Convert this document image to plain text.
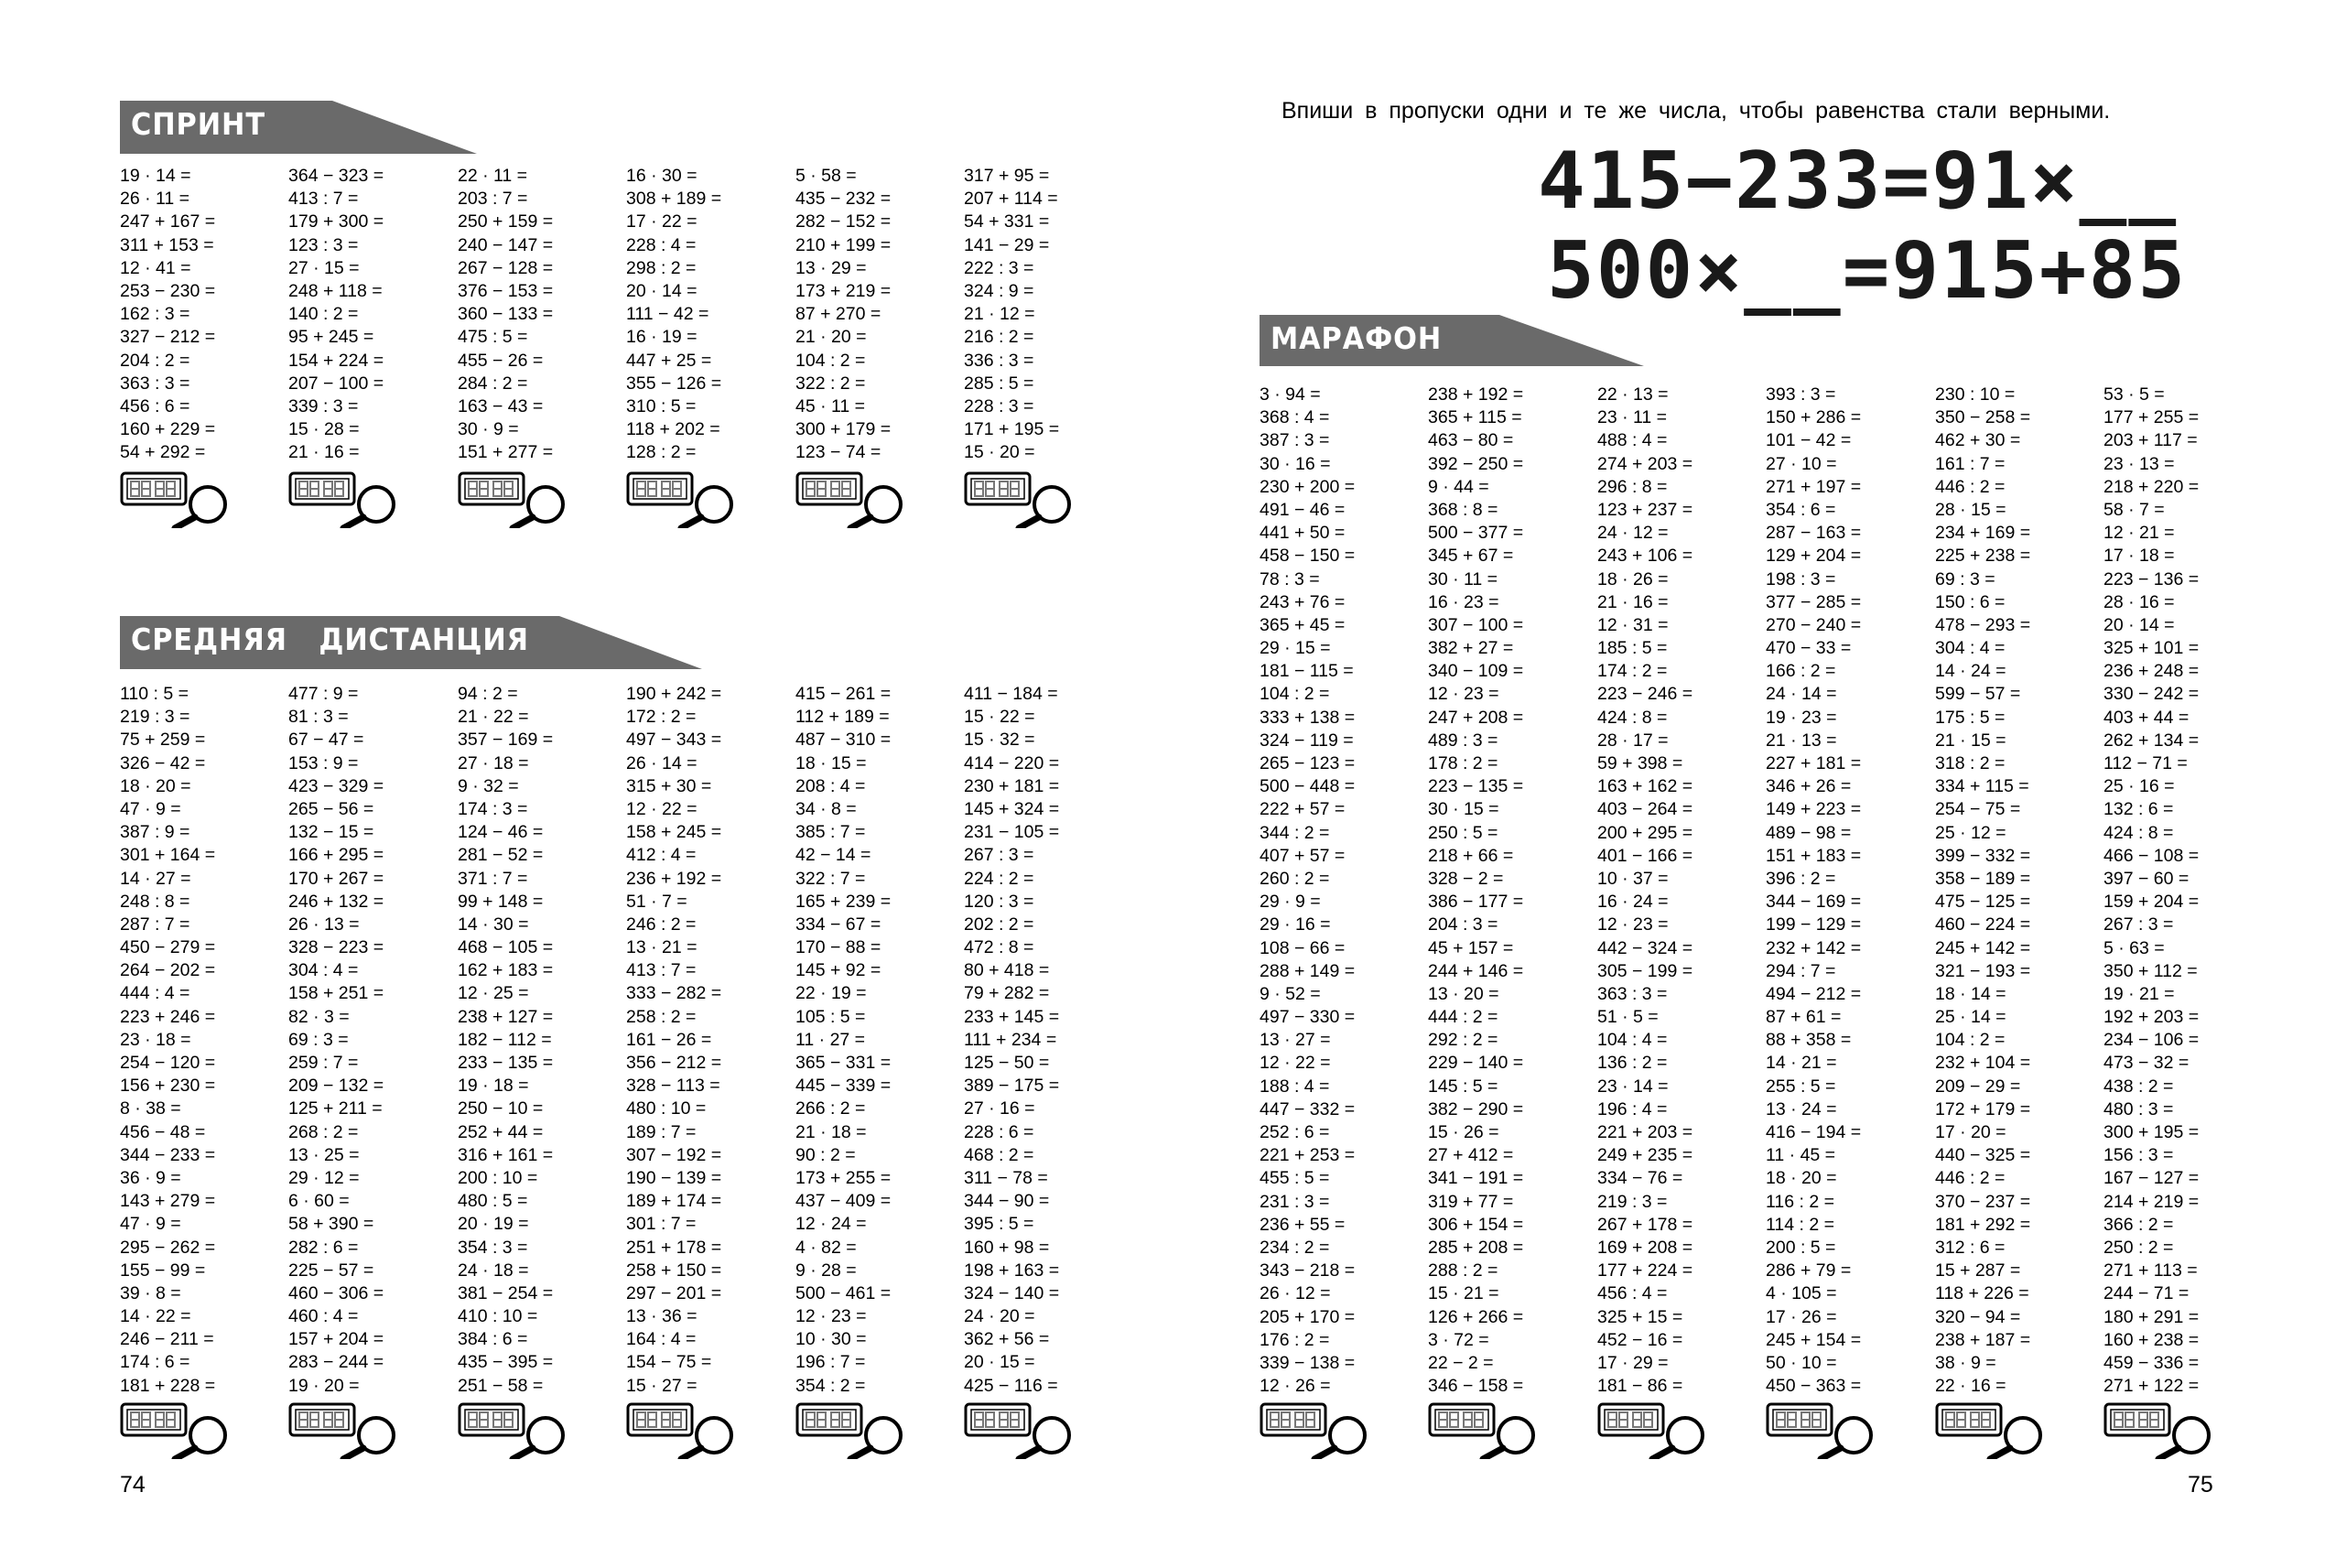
СПРИНТ
СРЕДНЯЯ   ДИСТАНЦИЯ
МАРАФОН
Впиши в пропуски одни и те же числа, чтобы равенства стали верными.
415−233=91×__
500×__=915+85
19 · 14 =
26 · 11 =
247 + 167 =
311 + 153 =
12 · 41 =
253 − 230 =
162 : 3 =
327 − 212 =
204 : 2 =
363 : 3 =
456 : 6 =
160 + 229 =
54 + 292 =
364 − 323 =
413 : 7 =
179 + 300 =
123 : 3 =
27 · 15 =
248 + 118 =
140 : 2 =
95 + 245 =
154 + 224 =
207 − 100 =
339 : 3 =
15 · 28 =
21 · 16 =
22 · 11 =
203 : 7 =
250 + 159 =
240 − 147 =
267 − 128 =
376 − 153 =
360 − 133 =
475 : 5 =
455 − 26 =
284 : 2 =
163 − 43 =
30 · 9 =
151 + 277 =
16 · 30 =
308 + 189 =
17 · 22 =
228 : 4 =
298 : 2 =
20 · 14 =
111 − 42 =
16 · 19 =
447 + 25 =
355 − 126 =
310 : 5 =
118 + 202 =
128 : 2 =
5 · 58 =
435 − 232 =
282 − 152 =
210 + 199 =
13 · 29 =
173 + 219 =
87 + 270 =
21 · 20 =
104 : 2 =
322 : 2 =
45 · 11 =
300 + 179 =
123 − 74 =
317 + 95 =
207 + 114 =
54 + 331 =
141 − 29 =
222 : 3 =
324 : 9 =
21 · 12 =
216 : 2 =
336 : 3 =
285 : 5 =
228 : 3 =
171 + 195 =
15 · 20 =
110 : 5 =
219 : 3 =
75 + 259 =
326 − 42 =
18 · 20 =
47 · 9 =
387 : 9 =
301 + 164 =
14 · 27 =
248 : 8 =
287 : 7 =
450 − 279 =
264 − 202 =
444 : 4 =
223 + 246 =
23 · 18 =
254 − 120 =
156 + 230 =
8 · 38 =
456 − 48 =
344 − 233 =
36 · 9 =
143 + 279 =
47 · 9 =
295 − 262 =
155 − 99 =
39 · 8 =
14 · 22 =
246 − 211 =
174 : 6 =
181 + 228 =
477 : 9 =
81 : 3 =
67 − 47 =
153 : 9 =
423 − 329 =
265 − 56 =
132 − 15 =
166 + 295 =
170 + 267 =
246 + 132 =
26 · 13 =
328 − 223 =
304 : 4 =
158 + 251 =
82 · 3 =
69 : 3 =
259 : 7 =
209 − 132 =
125 + 211 =
268 : 2 =
13 · 25 =
29 · 12 =
6 · 60 =
58 + 390 =
282 : 6 =
225 − 57 =
460 − 306 =
460 : 4 =
157 + 204 =
283 − 244 =
19 · 20 =
94 : 2 =
21 · 22 =
357 − 169 =
27 · 18 =
9 · 32 =
174 : 3 =
124 − 46 =
281 − 52 =
371 : 7 =
99 + 148 =
14 · 30 =
468 − 105 =
162 + 183 =
12 · 25 =
238 + 127 =
182 − 112 =
233 − 135 =
19 · 18 =
250 − 10 =
252 + 44 =
316 + 161 =
200 : 10 =
480 : 5 =
20 · 19 =
354 : 3 =
24 · 18 =
381 − 254 =
410 : 10 =
384 : 6 =
435 − 395 =
251 − 58 =
190 + 242 =
172 : 2 =
497 − 343 =
26 · 14 =
315 + 30 =
12 · 22 =
158 + 245 =
412 : 4 =
236 + 192 =
51 · 7 =
246 : 2 =
13 · 21 =
413 : 7 =
333 − 282 =
258 : 2 =
161 − 26 =
356 − 212 =
328 − 113 =
480 : 10 =
189 : 7 =
307 − 192 =
190 − 139 =
189 + 174 =
301 : 7 =
251 + 178 =
258 + 150 =
297 − 201 =
13 · 36 =
164 : 4 =
154 − 75 =
15 · 27 =
415 − 261 =
112 + 189 =
487 − 310 =
18 · 15 =
208 : 4 =
34 · 8 =
385 : 7 =
42 − 14 =
322 : 7 =
165 + 239 =
334 − 67 =
170 − 88 =
145 + 92 =
22 · 19 =
105 : 5 =
11 · 27 =
365 − 331 =
445 − 339 =
266 : 2 =
21 · 18 =
90 : 2 =
173 + 255 =
437 − 409 =
12 · 24 =
4 · 82 =
9 · 28 =
500 − 461 =
12 · 23 =
10 · 30 =
196 : 7 =
354 : 2 =
411 − 184 =
15 · 22 =
15 · 32 =
414 − 220 =
230 + 181 =
145 + 324 =
231 − 105 =
267 : 3 =
224 : 2 =
120 : 3 =
202 : 2 =
472 : 8 =
80 + 418 =
79 + 282 =
233 + 145 =
111 + 234 =
125 − 50 =
389 − 175 =
27 · 16 =
228 : 6 =
468 : 2 =
311 − 78 =
344 − 90 =
395 : 5 =
160 + 98 =
198 + 163 =
324 − 140 =
24 · 20 =
362 + 56 =
20 · 15 =
425 − 116 =
3 · 94 =
368 : 4 =
387 : 3 =
30 · 16 =
230 + 200 =
491 − 46 =
441 + 50 =
458 − 150 =
78 : 3 =
243 + 76 =
365 + 45 =
29 · 15 =
181 − 115 =
104 : 2 =
333 + 138 =
324 − 119 =
265 − 123 =
500 − 448 =
222 + 57 =
344 : 2 =
407 + 57 =
260 : 2 =
29 · 9 =
29 · 16 =
108 − 66 =
288 + 149 =
9 · 52 =
497 − 330 =
13 · 27 =
12 · 22 =
188 : 4 =
447 − 332 =
252 : 6 =
221 + 253 =
455 : 5 =
231 : 3 =
236 + 55 =
234 : 2 =
343 − 218 =
26 · 12 =
205 + 170 =
176 : 2 =
339 − 138 =
12 · 26 =
238 + 192 =
365 + 115 =
463 − 80 =
392 − 250 =
9 · 44 =
368 : 8 =
500 − 377 =
345 + 67 =
30 · 11 =
16 · 23 =
307 − 100 =
382 + 27 =
340 − 109 =
12 · 23 =
247 + 208 =
489 : 3 =
178 : 2 =
223 − 135 =
30 · 15 =
250 : 5 =
218 + 66 =
328 − 2 =
386 − 177 =
204 : 3 =
45 + 157 =
244 + 146 =
13 · 20 =
444 : 2 =
292 : 2 =
229 − 140 =
145 : 5 =
382 − 290 =
15 · 26 =
27 + 412 =
341 − 191 =
319 + 77 =
306 + 154 =
285 + 208 =
288 : 2 =
15 · 21 =
126 + 266 =
3 · 72 =
22 − 2 =
346 − 158 =
22 · 13 =
23 · 11 =
488 : 4 =
274 + 203 =
296 : 8 =
123 + 237 =
24 · 12 =
243 + 106 =
18 · 26 =
21 · 16 =
12 · 31 =
185 : 5 =
174 : 2 =
223 − 246 =
424 : 8 =
28 · 17 =
59 + 398 =
163 + 162 =
403 − 264 =
200 + 295 =
401 − 166 =
10 · 37 =
16 · 24 =
12 · 23 =
442 − 324 =
305 − 199 =
363 : 3 =
51 · 5 =
104 : 4 =
136 : 2 =
23 · 14 =
196 : 4 =
221 + 203 =
249 + 235 =
334 − 76 =
219 : 3 =
267 + 178 =
169 + 208 =
177 + 224 =
456 : 4 =
325 + 15 =
452 − 16 =
17 · 29 =
181 − 86 =
393 : 3 =
150 + 286 =
101 − 42 =
27 · 10 =
271 + 197 =
354 : 6 =
287 − 163 =
129 + 204 =
198 : 3 =
377 − 285 =
270 − 240 =
470 − 33 =
166 : 2 =
24 · 14 =
19 · 23 =
21 · 13 =
227 + 181 =
346 + 26 =
149 + 223 =
489 − 98 =
151 + 183 =
396 : 2 =
344 − 169 =
199 − 129 =
232 + 142 =
294 : 7 =
494 − 212 =
87 + 61 =
88 + 358 =
14 · 21 =
255 : 5 =
13 · 24 =
416 − 194 =
11 · 45 =
18 · 20 =
116 : 2 =
114 : 2 =
200 : 5 =
286 + 79 =
4 · 105 =
17 · 26 =
245 + 154 =
50 · 10 =
450 − 363 =
230 : 10 =
350 − 258 =
462 + 30 =
161 : 7 =
446 : 2 =
28 · 15 =
234 + 169 =
225 + 238 =
69 : 3 =
150 : 6 =
478 − 293 =
304 : 4 =
14 · 24 =
599 − 57 =
175 : 5 =
21 · 15 =
318 : 2 =
334 + 115 =
254 − 75 =
25 · 12 =
399 − 332 =
358 − 189 =
475 − 125 =
460 − 224 =
245 + 142 =
321 − 193 =
18 · 14 =
25 · 14 =
104 : 2 =
232 + 104 =
209 − 29 =
172 + 179 =
17 · 20 =
440 − 325 =
446 : 2 =
370 − 237 =
181 + 292 =
312 : 6 =
15 + 287 =
118 + 226 =
320 − 94 =
238 + 187 =
38 · 9 =
22 · 16 =
53 · 5 =
177 + 255 =
203 + 117 =
23 · 13 =
218 + 220 =
58 · 7 =
12 · 21 =
17 · 18 =
223 − 136 =
28 · 16 =
20 · 14 =
325 + 101 =
236 + 248 =
330 − 242 =
403 + 44 =
262 + 134 =
112 − 71 =
25 · 16 =
132 : 6 =
424 : 8 =
466 − 108 =
397 − 60 =
159 + 204 =
267 : 3 =
5 · 63 =
350 + 112 =
19 · 21 =
192 + 203 =
234 − 106 =
473 − 32 =
438 : 2 =
480 : 3 =
300 + 195 =
156 : 3 =
167 − 127 =
214 + 219 =
366 : 2 =
250 : 2 =
271 + 113 =
244 − 71 =
180 + 291 =
160 + 238 =
459 − 336 =
271 + 122 =
74	75
